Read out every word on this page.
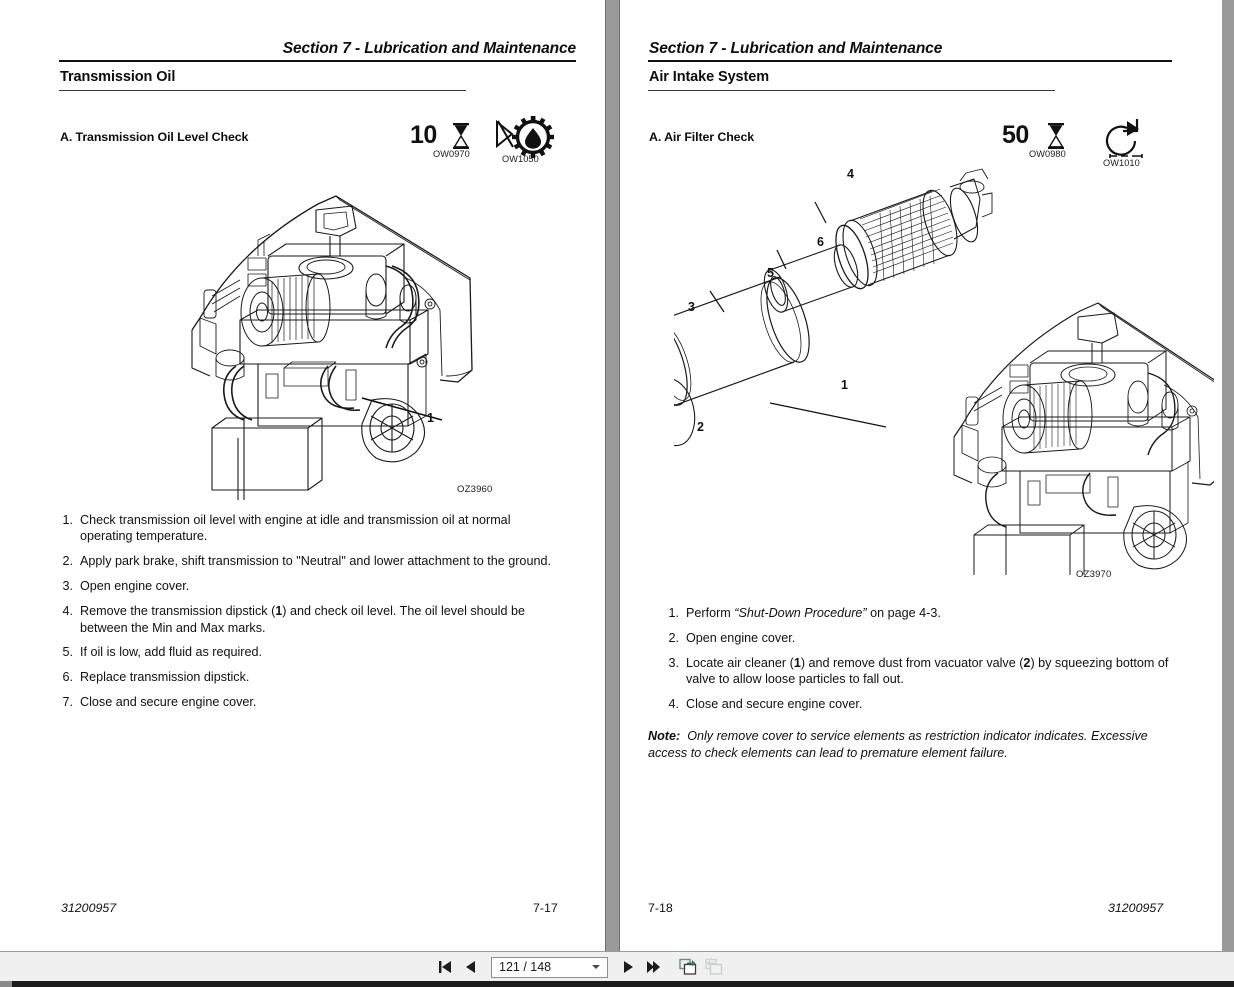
Section 7 - Lubrication and Maintenance
Transmission Oil
A. Transmission Oil Level Check	10
OW0970	OW1050
1
OZ3960
1. Check transmission oil level with engine at idle and transmission oil at normal operating temperature.
2. Apply park brake, shift transmission to "Neutral" and lower attachment to the ground.
3. Open engine cover.
4. Remove the transmission dipstick (1) and check oil level. The oil level should be between the Min and Max marks.
5. If oil is low, add fluid as required.
6. Replace transmission dipstick.
7. Close and secure engine cover.
31200957	7-17
Section 7 - Lubrication and Maintenance
Air Intake System
A. Air Filter Check	50
OW0980
OW1010
1
2
3
4
5
6
OZ3970
1. Perform “Shut-Down Procedure” on page 4-3.
2. Open engine cover.
3. Locate air cleaner (1) and remove dust from vacuator valve (2) by squeezing bottom of valve to allow loose particles to fall out.
4. Close and secure engine cover.
Note: Only remove cover to service elements as restriction indicator indicates. Excessive access to check elements can lead to premature element failure.
7-18	31200957
121 / 148
